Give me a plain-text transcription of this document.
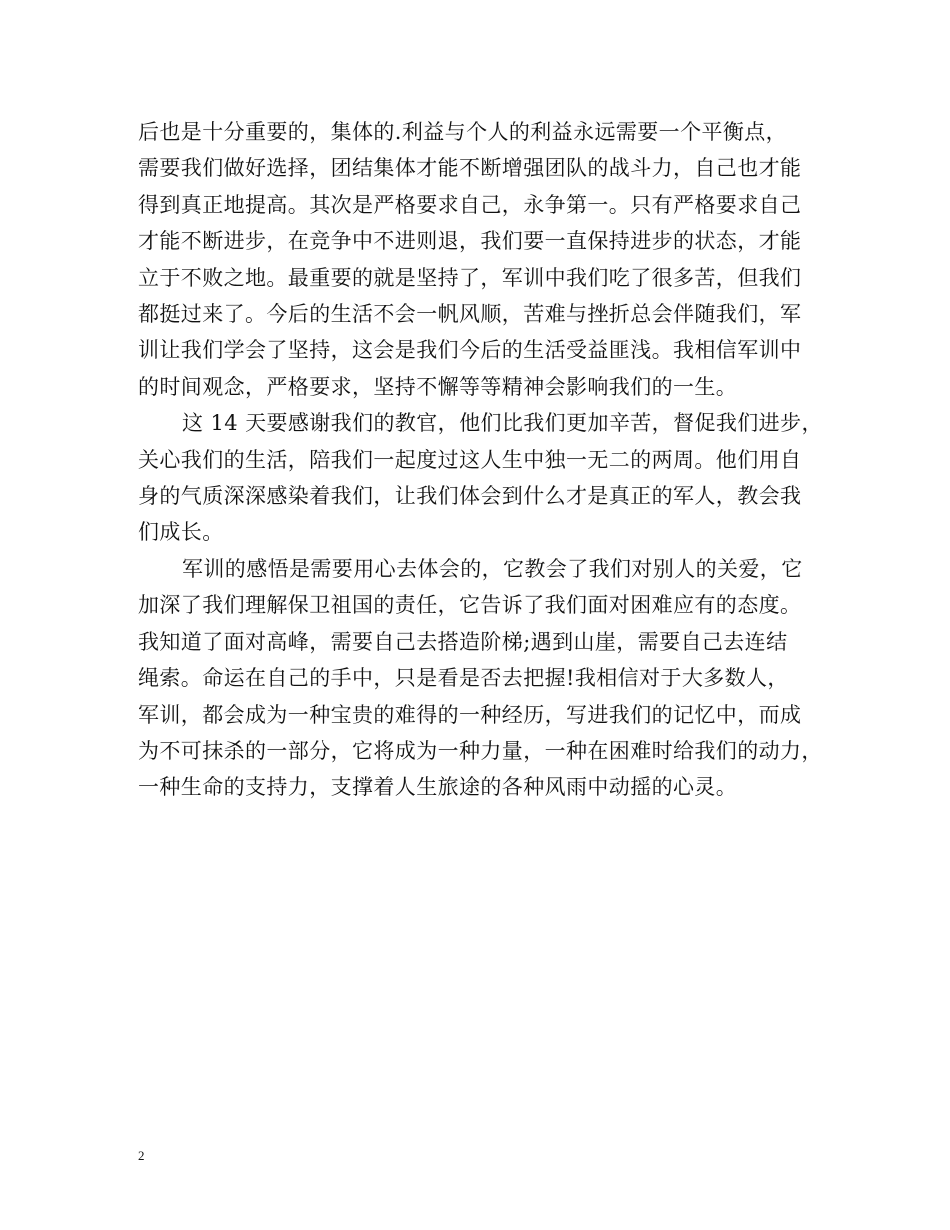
后也是十分重要的，集体的.利益与个人的利益永远需要一个平衡点，
需要我们做好选择，团结集体才能不断增强团队的战斗力，自己也才能
得到真正地提高。其次是严格要求自己，永争第一。只有严格要求自己
才能不断进步，在竞争中不进则退，我们要一直保持进步的状态，才能
立于不败之地。最重要的就是坚持了，军训中我们吃了很多苦，但我们
都挺过来了。今后的生活不会一帆风顺，苦难与挫折总会伴随我们，军
训让我们学会了坚持，这会是我们今后的生活受益匪浅。我相信军训中
的时间观念，严格要求，坚持不懈等等精神会影响我们的一生。

这 14 天要感谢我们的教官，他们比我们更加辛苦，督促我们进步，
关心我们的生活，陪我们一起度过这人生中独一无二的两周。他们用自
身的气质深深感染着我们，让我们体会到什么才是真正的军人，教会我
们成长。

军训的感悟是需要用心去体会的，它教会了我们对别人的关爱，它
加深了我们理解保卫祖国的责任，它告诉了我们面对困难应有的态度。
我知道了面对高峰，需要自己去搭造阶梯;遇到山崖，需要自己去连结
绳索。命运在自己的手中，只是看是否去把握!我相信对于大多数人，
军训，都会成为一种宝贵的难得的一种经历，写进我们的记忆中，而成
为不可抹杀的一部分，它将成为一种力量，一种在困难时给我们的动力，
一种生命的支持力，支撑着人生旅途的各种风雨中动摇的心灵。

2
